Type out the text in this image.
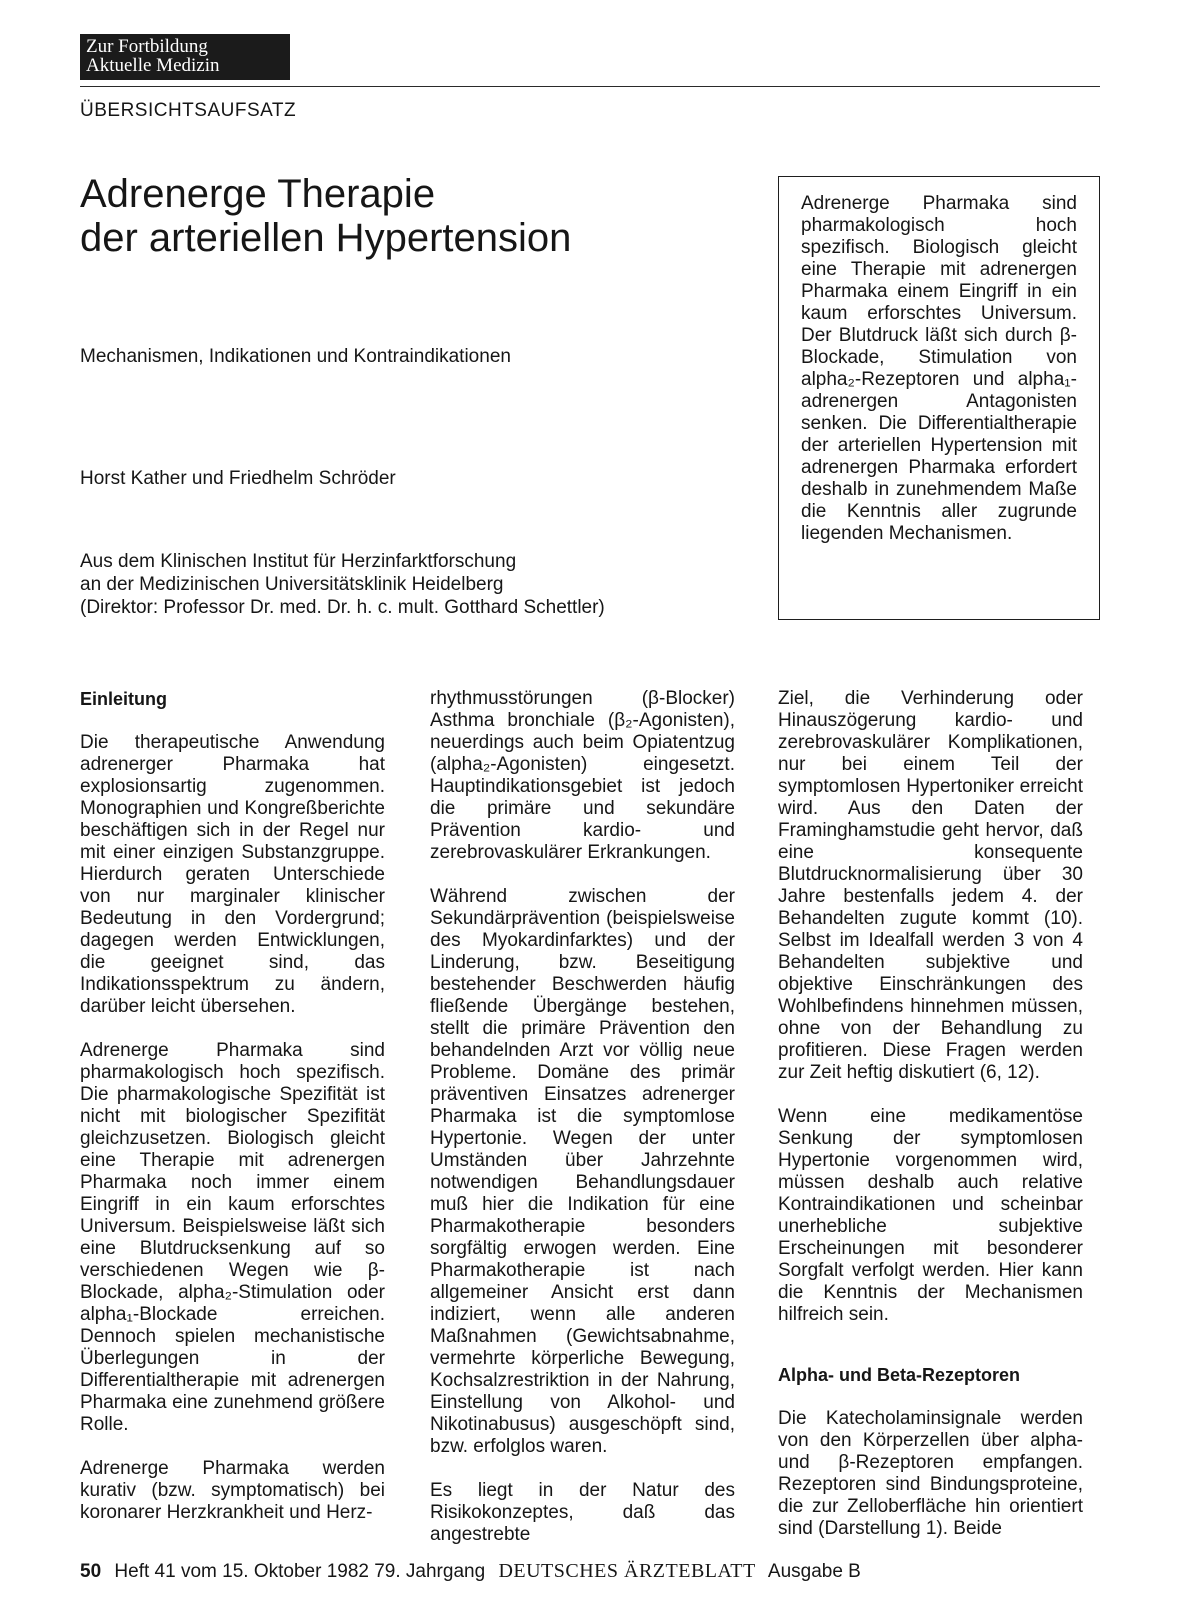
Zur Fortbildung
Aktuelle Medizin
ÜBERSICHTSAUFSATZ
Adrenerge Therapie
der arteriellen Hypertension
Mechanismen, Indikationen und Kontraindikationen
Horst Kather und Friedhelm Schröder
Aus dem Klinischen Institut für Herzinfarktforschung
an der Medizinischen Universitätsklinik Heidelberg
(Direktor: Professor Dr. med. Dr. h. c. mult. Gotthard Schettler)
Adrenerge Pharmaka sind pharmakologisch hoch spezifisch. Biologisch gleicht eine Therapie mit adrenergen Pharmaka einem Eingriff in ein kaum erforschtes Universum. Der Blutdruck läßt sich durch β-Blockade, Stimulation von alpha₂-Rezeptoren und alpha₁-adrenergen Antagonisten senken. Die Differentialtherapie der arteriellen Hypertension mit adrenergen Pharmaka erfordert deshalb in zunehmendem Maße die Kenntnis aller zugrunde liegenden Mechanismen.
Einleitung

Die therapeutische Anwendung adrenerger Pharmaka hat explosionsartig zugenommen. Monographien und Kongreßberichte beschäftigen sich in der Regel nur mit einer einzigen Substanzgruppe. Hierdurch geraten Unterschiede von nur marginaler klinischer Bedeutung in den Vordergrund; dagegen werden Entwicklungen, die geeignet sind, das Indikationsspektrum zu ändern, darüber leicht übersehen.

Adrenerge Pharmaka sind pharmakologisch hoch spezifisch. Die pharmakologische Spezifität ist nicht mit biologischer Spezifität gleichzusetzen. Biologisch gleicht eine Therapie mit adrenergen Pharmaka noch immer einem Eingriff in ein kaum erforschtes Universum. Beispielsweise läßt sich eine Blutdrucksenkung auf so verschiedenen Wegen wie β-Blockade, alpha₂-Stimulation oder alpha₁-Blockade erreichen. Dennoch spielen mechanistische Überlegungen in der Differentialtherapie mit adrenergen Pharmaka eine zunehmend größere Rolle.

Adrenerge Pharmaka werden kurativ (bzw. symptomatisch) bei koronarer Herzkrankheit und Herz-

rhythmusstörungen (β-Blocker) Asthma bronchiale (β₂-Agonisten), neuerdings auch beim Opiatentzug (alpha₂-Agonisten) eingesetzt. Hauptindikationsgebiet ist jedoch die primäre und sekundäre Prävention kardio- und zerebrovaskulärer Erkrankungen.

Während zwischen der Sekundärprävention (beispielsweise des Myokardinfarktes) und der Linderung, bzw. Beseitigung bestehender Beschwerden häufig fließende Übergänge bestehen, stellt die primäre Prävention den behandelnden Arzt vor völlig neue Probleme. Domäne des primär präventiven Einsatzes adrenerger Pharmaka ist die symptomlose Hypertonie. Wegen der unter Umständen über Jahrzehnte notwendigen Behandlungsdauer muß hier die Indikation für eine Pharmakotherapie besonders sorgfältig erwogen werden. Eine Pharmakotherapie ist nach allgemeiner Ansicht erst dann indiziert, wenn alle anderen Maßnahmen (Gewichtsabnahme, vermehrte körperliche Bewegung, Kochsalzrestriktion in der Nahrung, Einstellung von Alkohol- und Nikotinabusus) ausgeschöpft sind, bzw. erfolglos waren.

Es liegt in der Natur des Risikokonzeptes, daß das angestrebte

Ziel, die Verhinderung oder Hinauszögerung kardio- und zerebrovaskulärer Komplikationen, nur bei einem Teil der symptomlosen Hypertoniker erreicht wird. Aus den Daten der Framinghamstudie geht hervor, daß eine konsequente Blutdrucknormalisierung über 30 Jahre bestenfalls jedem 4. der Behandelten zugute kommt (10). Selbst im Idealfall werden 3 von 4 Behandelten subjektive und objektive Einschränkungen des Wohlbefindens hinnehmen müssen, ohne von der Behandlung zu profitieren. Diese Fragen werden zur Zeit heftig diskutiert (6, 12).

Wenn eine medikamentöse Senkung der symptomlosen Hypertonie vorgenommen wird, müssen deshalb auch relative Kontraindikationen und scheinbar unerhebliche subjektive Erscheinungen mit besonderer Sorgfalt verfolgt werden. Hier kann die Kenntnis der Mechanismen hilfreich sein.

Alpha- und Beta-Rezeptoren

Die Katecholaminsignale werden von den Körperzellen über alpha- und β-Rezeptoren empfangen. Rezeptoren sind Bindungsproteine, die zur Zelloberfläche hin orientiert sind (Darstellung 1). Beide

50 Heft 41 vom 15. Oktober 1982 79. Jahrgang DEUTSCHES ÄRZTEBLATT Ausgabe B
